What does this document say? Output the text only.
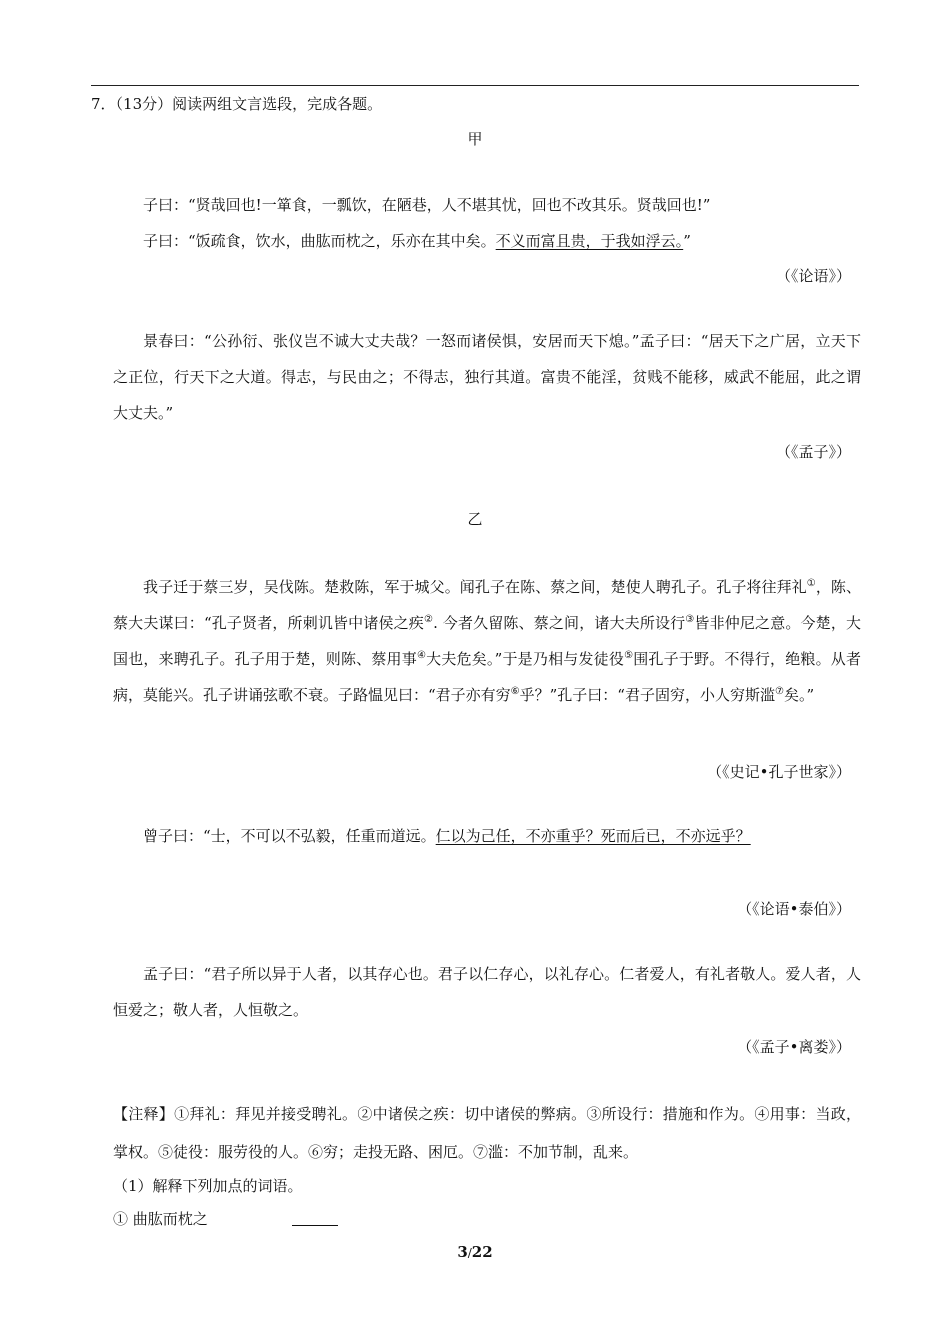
7．（13分）阅读两组文言选段，完成各题。
甲
子曰：“贤哉回也!一箪食，一瓢饮，在陋巷，人不堪其忧，回也不改其乐。贤哉回也!”
子曰：“饭疏食，饮水，曲肱而枕之，乐亦在其中矣。不义而富且贵，于我如浮云。”
（《论语》）
景春曰：“公孙衍、张仪岂不诚大丈夫哉？一怒而诸侯惧，安居而天下熄。”孟子曰：“居天下之广居，立天下之正位，行天下之大道。得志，与民由之；不得志，独行其道。富贵不能淫，贫贱不能移，威武不能屈，此之谓大丈夫。”
（《孟子》）
乙
我子迁于蔡三岁，吴伐陈。楚救陈，军于城父。闻孔子在陈、蔡之间，楚使人聘孔子。孔子将往拜礼①，陈、蔡大夫谋曰：“孔子贤者，所刺讥皆中诸侯之疾②. 今者久留陈、蔡之间，诸大夫所设行③皆非仲尼之意。今楚，大国也，来聘孔子。孔子用于楚，则陈、蔡用事④大夫危矣。”于是乃相与发徒役⑤围孔子于野。不得行，绝粮。从者病，莫能兴。孔子讲诵弦歌不衰。子路愠见曰：“君子亦有穷⑥乎？”孔子曰：“君子固穷，小人穷斯滥⑦矣。”
（《史记•孔子世家》）
曾子曰：“士，不可以不弘毅，任重而道远。仁以为己任，不亦重乎？死而后已，不亦远乎？
（《论语•泰伯》）
孟子曰：“君子所以异于人者，以其存心也。君子以仁存心，以礼存心。仁者爱人，有礼者敬人。爱人者，人恒爱之；敬人者，人恒敬之。
（《孟子•离娄》）
【注释】①拜礼：拜见并接受聘礼。②中诸侯之疾：切中诸侯的弊病。③所设行：措施和作为。④用事：当政，掌权。⑤徒役：服劳役的人。⑥穷；走投无路、困厄。⑦滥：不加节制，乱来。
（1）解释下列加点的词语。
① 曲肱而枕之
3/22
